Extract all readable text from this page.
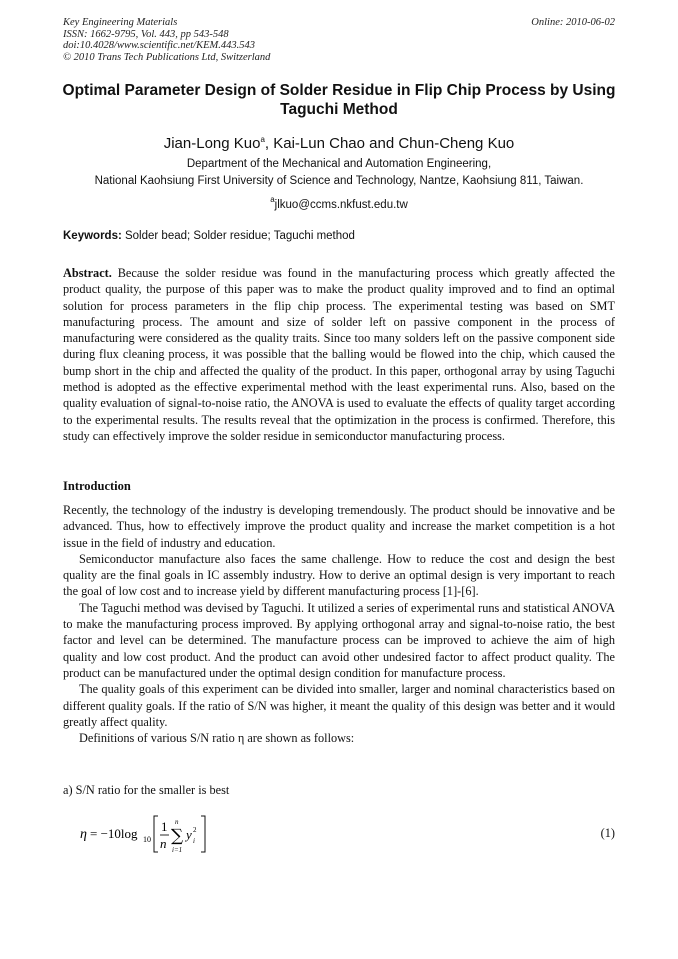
Key Engineering Materials
ISSN: 1662-9795, Vol. 443, pp 543-548
doi:10.4028/www.scientific.net/KEM.443.543
© 2010 Trans Tech Publications Ltd, Switzerland
Online: 2010-06-02
Optimal Parameter Design of Solder Residue in Flip Chip Process by Using Taguchi Method
Jian-Long Kuo$^a$, Kai-Lun Chao and Chun-Cheng Kuo
Department of the Mechanical and Automation Engineering,
National Kaohsiung First University of Science and Technology, Nantze, Kaohsiung 811, Taiwan.
$^a$jlkuo@ccms.nkfust.edu.tw
Keywords: Solder bead; Solder residue; Taguchi method
Abstract. Because the solder residue was found in the manufacturing process which greatly affected the product quality, the purpose of this paper was to make the product quality improved and to find an optimal solution for process parameters in the flip chip process. The experimental testing was based on SMT manufacturing process. The amount and size of solder left on passive component in the process of manufacturing were considered as the quality traits. Since too many solders left on the passive component side during flux cleaning process, it was possible that the balling would be flowed into the chip, which caused the bump short in the chip and affected the quality of the product. In this paper, orthogonal array by using Taguchi method is adopted as the effective experimental method with the least experimental runs. Also, based on the quality evaluation of signal-to-noise ratio, the ANOVA is used to evaluate the effects of quality target according to the experimental results. The results reveal that the optimization in the process is confirmed. Therefore, this study can effectively improve the solder residue in semiconductor manufacturing process.
Introduction

Recently, the technology of the industry is developing tremendously. The product should be innovative and be advanced. Thus, how to effectively improve the product quality and increase the market competition is a hot issue in the field of industry and education.

Semiconductor manufacture also faces the same challenge. How to reduce the cost and design the best quality are the final goals in IC assembly industry. How to derive an optimal design is very important to reach the goal of low cost and to increase yield by different manufacturing process [1]-[6].

The Taguchi method was devised by Taguchi. It utilized a series of experimental runs and statistical ANOVA to make the manufacturing process improved. By applying orthogonal array and signal-to-noise ratio, the best factor and level can be determined. The manufacture process can be improved to achieve the aim of high quality and low cost product. And the product can avoid other undesired factor to affect product quality. The product can be manufactured under the optimal design condition for manufacture process.

The quality goals of this experiment can be divided into smaller, larger and nominal characteristics based on different quality goals. If the ratio of S/N was higher, it meant the quality of this design was better and it would greatly affect quality.

Definitions of various S/N ratio η are shown as follows:

a) S/N ratio for the smaller is best
η = −10log 10
1
n
n
∑
i=1
y i
2	(1)
